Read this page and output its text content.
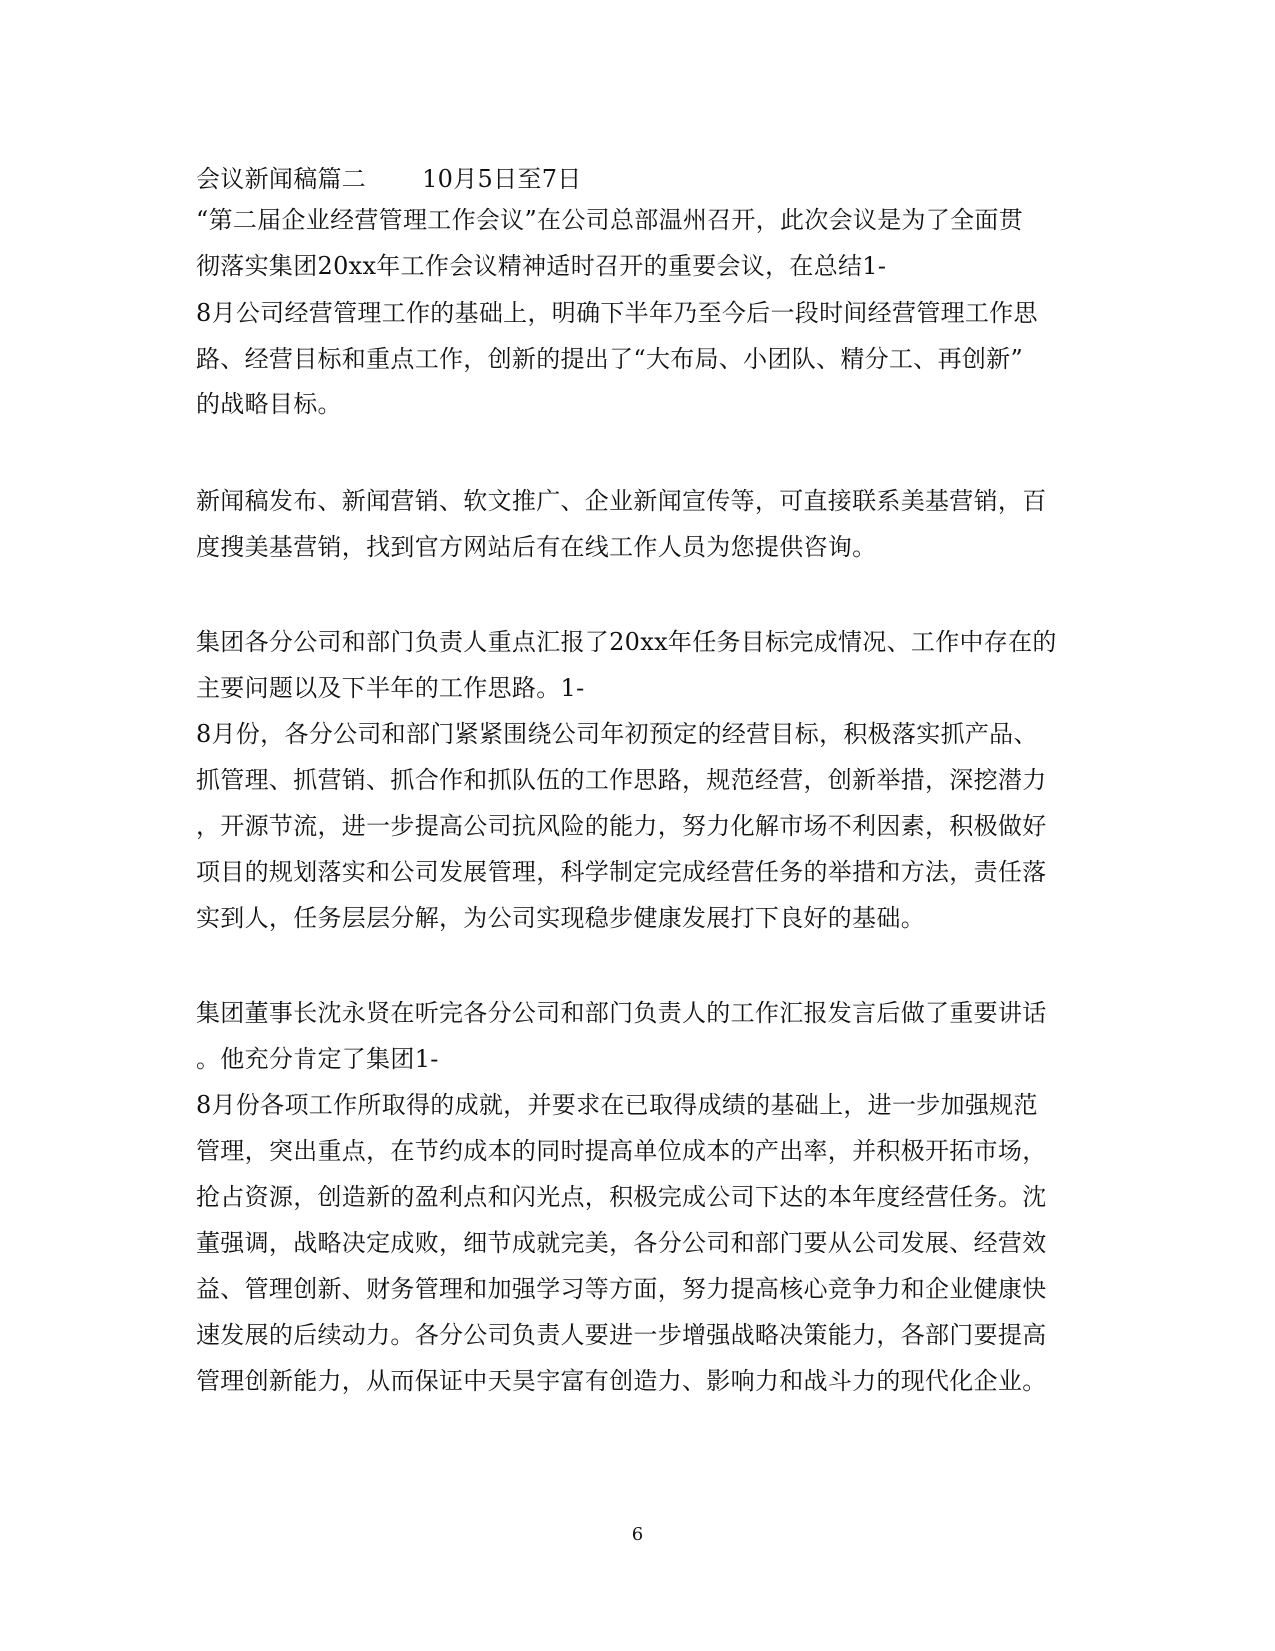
会议新闻稿篇二 10月5日至7日
“第二届企业经营管理工作会议”在公司总部温州召开，此次会议是为了全面贯
彻落实集团20xx年工作会议精神适时召开的重要会议，在总结1-
8月公司经营管理工作的基础上，明确下半年乃至今后一段时间经营管理工作思
路、经营目标和重点工作，创新的提出了“大布局、小团队、精分工、再创新”
的战略目标。
新闻稿发布、新闻营销、软文推广、企业新闻宣传等，可直接联系美基营销，百
度搜美基营销，找到官方网站后有在线工作人员为您提供咨询。
集团各分公司和部门负责人重点汇报了20xx年任务目标完成情况、工作中存在的
主要问题以及下半年的工作思路。1-
8月份，各分公司和部门紧紧围绕公司年初预定的经营目标，积极落实抓产品、
抓管理、抓营销、抓合作和抓队伍的工作思路，规范经营，创新举措，深挖潜力
，开源节流，进一步提高公司抗风险的能力，努力化解市场不利因素，积极做好
项目的规划落实和公司发展管理，科学制定完成经营任务的举措和方法，责任落
实到人，任务层层分解，为公司实现稳步健康发展打下良好的基础。
集团董事长沈永贤在听完各分公司和部门负责人的工作汇报发言后做了重要讲话
。他充分肯定了集团1-
8月份各项工作所取得的成就，并要求在已取得成绩的基础上，进一步加强规范
管理，突出重点，在节约成本的同时提高单位成本的产出率，并积极开拓市场，
抢占资源，创造新的盈利点和闪光点，积极完成公司下达的本年度经营任务。沈
董强调，战略决定成败，细节成就完美，各分公司和部门要从公司发展、经营效
益、管理创新、财务管理和加强学习等方面，努力提高核心竞争力和企业健康快
速发展的后续动力。各分公司负责人要进一步增强战略决策能力，各部门要提高
管理创新能力，从而保证中天昊宇富有创造力、影响力和战斗力的现代化企业。
6
